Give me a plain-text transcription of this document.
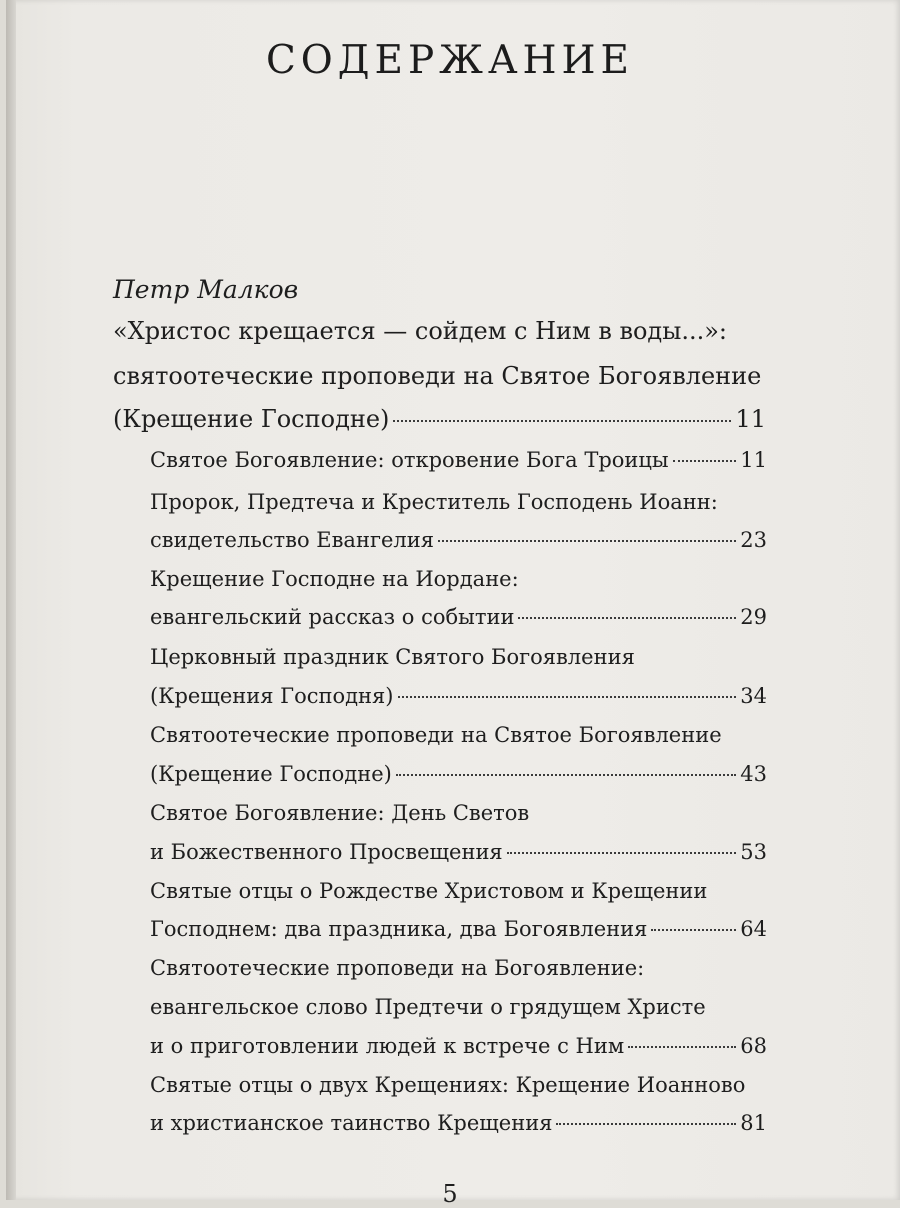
СОДЕРЖАНИЕ
Петр Малков
«Христос крещается — сойдем с Ним в воды...»:
святоотеческие проповеди на Святое Богоявление
(Крещение Господне)	11
Святое Богоявление: откровение Бога Троицы	11
Пророк, Предтеча и Креститель Господень Иоанн:
свидетельство Евангелия	23
Крещение Господне на Иордане:
евангельский рассказ о событии	29
Церковный праздник Святого Богоявления
(Крещения Господня)	34
Святоотеческие проповеди на Святое Богоявление
(Крещение Господне)	43
Святое Богоявление: День Светов
и Божественного Просвещения	53
Святые отцы о Рождестве Христовом и Крещении
Господнем: два праздника, два Богоявления	64
Святоотеческие проповеди на Богоявление:
евангельское слово Предтечи о грядущем Христе
и о приготовлении людей к встрече с Ним	68
Святые отцы о двух Крещениях: Крещение Иоанново
и христианское таинство Крещения	81
5
